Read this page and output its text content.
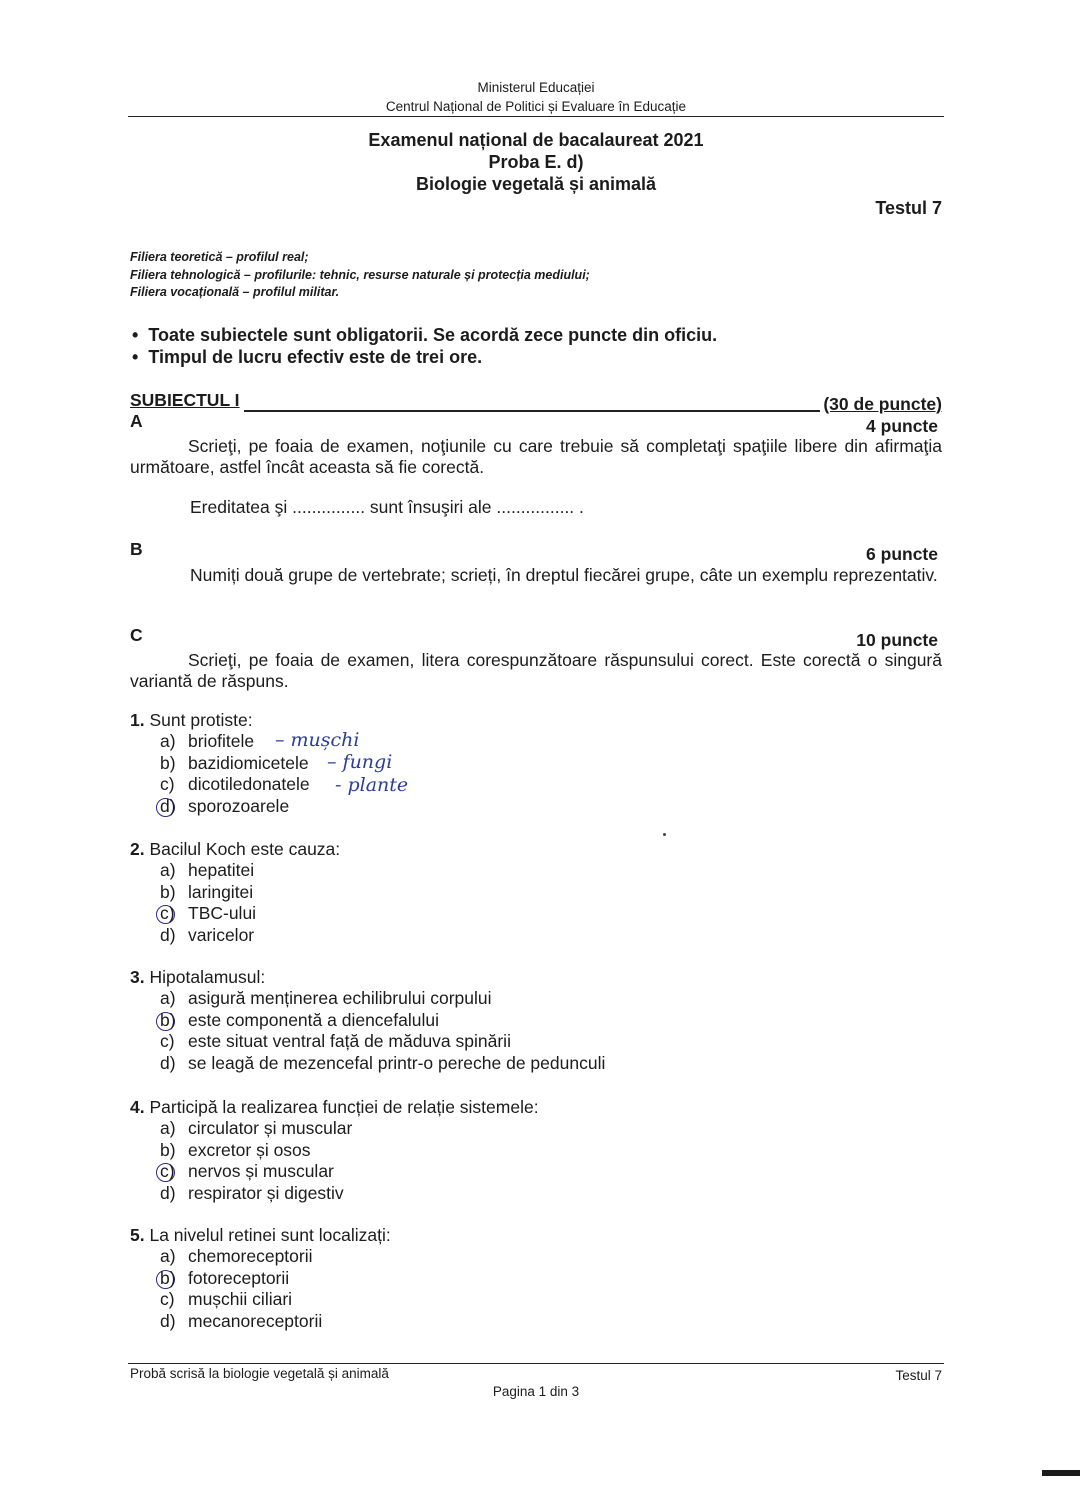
Ministerul Educației
Centrul Național de Politici și Evaluare în Educație
Examenul național de bacalaureat 2021
Proba E. d)
Biologie vegetală și animală
Testul 7
Filiera teoretică – profilul real;
Filiera tehnologică – profilurile: tehnic, resurse naturale și protecția mediului;
Filiera vocațională – profilul militar.
•  Toate subiectele sunt obligatorii. Se acordă zece puncte din oficiu.
•  Timpul de lucru efectiv este de trei ore.
SUBIECTUL I	(30 de puncte)
A	4 puncte
Scrieţi, pe foaia de examen, noţiunile cu care trebuie să completaţi spaţiile libere din afirmaţia următoare, astfel încât aceasta să fie corectă.
Ereditatea şi ............... sunt însuşiri ale ................ .
B	6 puncte
Numiți două grupe de vertebrate; scrieți, în dreptul fiecărei grupe, câte un exemplu reprezentativ.
C	10 puncte
Scrieţi, pe foaia de examen, litera corespunzătoare răspunsului corect. Este corectă o singură variantă de răspuns.
1. Sunt protiste:
a) briofitele
b) bazidiomicetele
c) dicotiledonatele
d) sporozoarele
– mușchi
– fungi
- plante
2. Bacilul Koch este cauza:
a) hepatitei
b) laringitei
c) TBC-ului
d) varicelor
3. Hipotalamusul:
a) asigură menținerea echilibrului corpului
b) este componentă a diencefalului
c) este situat ventral față de măduva spinării
d) se leagă de mezencefal printr-o pereche de pedunculi
4. Participă la realizarea funcției de relație sistemele:
a) circulator și muscular
b) excretor și osos
c) nervos și muscular
d) respirator și digestiv
5. La nivelul retinei sunt localizați:
a) chemoreceptorii
b) fotoreceptorii
c) mușchii ciliari
d) mecanoreceptorii
Probă scrisă la biologie vegetală și animală	Testul 7
Pagina 1 din 3
